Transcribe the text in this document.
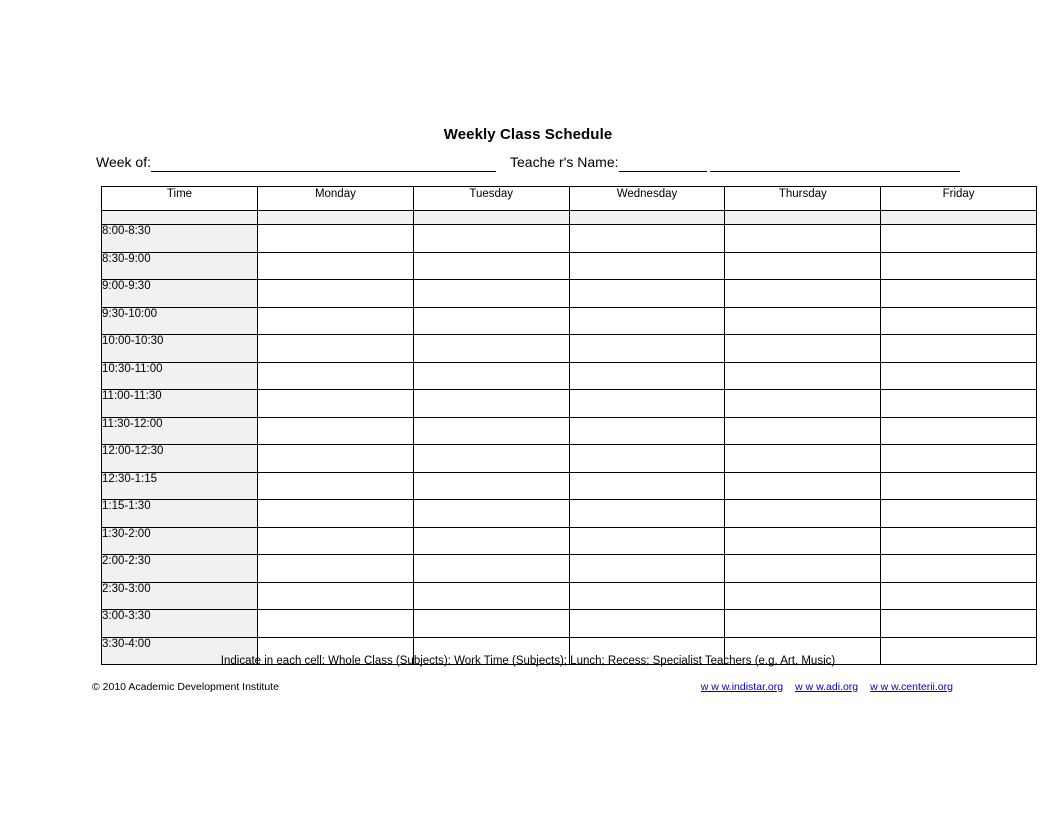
Weekly Class Schedule
Week of:	Teache r's Name:
Time	Monday	Tuesday	Wednesday	Thursday	Friday

8:00-8:30					
8:30-9:00					
9:00-9:30					
9:30-10:00					
10:00-10:30					
10:30-11:00					
11:00-11:30					
11:30-12:00					
12:00-12:30					
12:30-1:15					
1:15-1:30					
1:30-2:00					
2:00-2:30					
2:30-3:00					
3:00-3:30					
3:30-4:00					
Indicate in each cell: Whole Class (Subjects); Work Time (Subjects); Lunch; Recess; Specialist Teachers (e.g. Art, Music)
© 2010 Academic Development Institute	w w w.indistar.org w w w.adi.org w w w.centerii.org
